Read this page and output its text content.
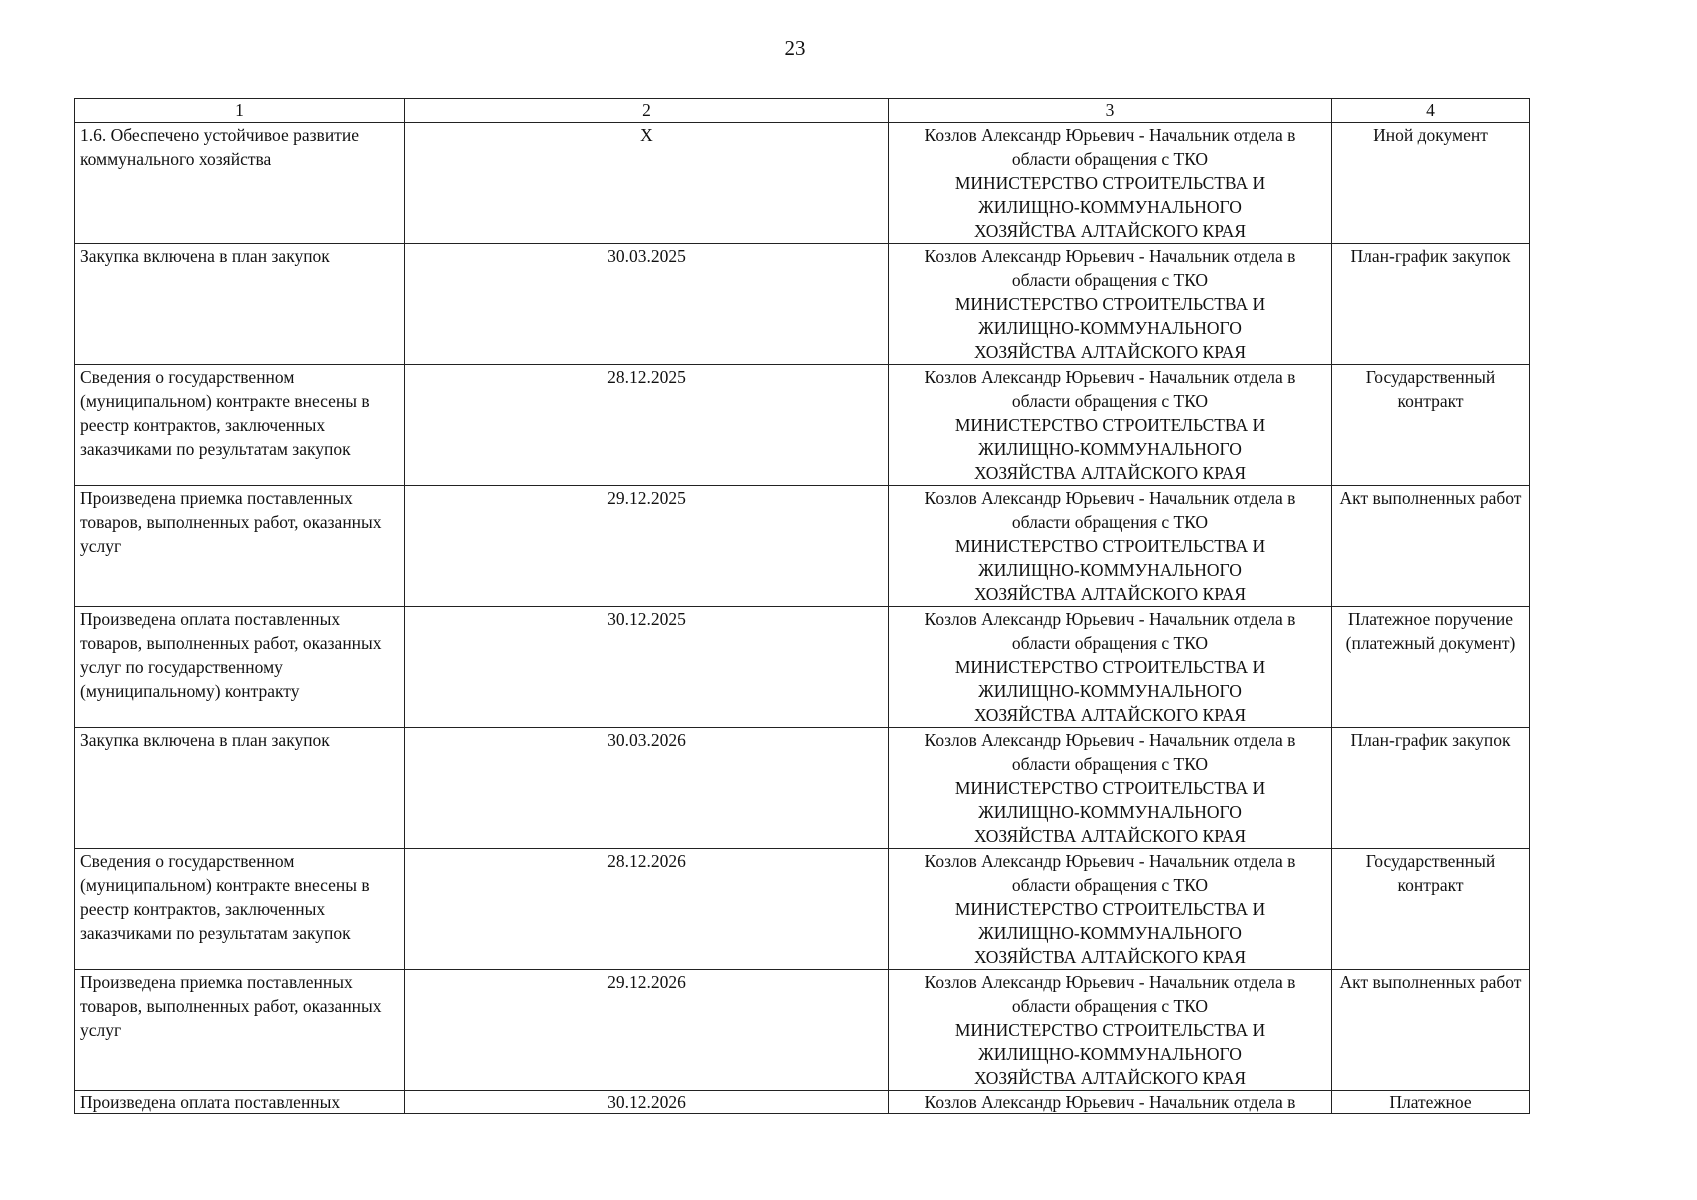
23
1	2	3	4
1.6. Обеспечено устойчивое развитие коммунального хозяйства	X	Козлов Александр Юрьевич - Начальник отдела в
области обращения с ТКО
МИНИСТЕРСТВО СТРОИТЕЛЬСТВА И
ЖИЛИЩНО-КОММУНАЛЬНОГО
ХОЗЯЙСТВА АЛТАЙСКОГО КРАЯ	Иной документ
Закупка включена в план закупок	30.03.2025	Козлов Александр Юрьевич - Начальник отдела в
области обращения с ТКО
МИНИСТЕРСТВО СТРОИТЕЛЬСТВА И
ЖИЛИЩНО-КОММУНАЛЬНОГО
ХОЗЯЙСТВА АЛТАЙСКОГО КРАЯ	План-график закупок
Сведения о государственном (муниципальном) контракте внесены в реестр контрактов, заключенных заказчиками по результатам закупок	28.12.2025	Козлов Александр Юрьевич - Начальник отдела в
области обращения с ТКО
МИНИСТЕРСТВО СТРОИТЕЛЬСТВА И
ЖИЛИЩНО-КОММУНАЛЬНОГО
ХОЗЯЙСТВА АЛТАЙСКОГО КРАЯ	Государственный контракт
Произведена приемка поставленных товаров, выполненных работ, оказанных услуг	29.12.2025	Козлов Александр Юрьевич - Начальник отдела в
области обращения с ТКО
МИНИСТЕРСТВО СТРОИТЕЛЬСТВА И
ЖИЛИЩНО-КОММУНАЛЬНОГО
ХОЗЯЙСТВА АЛТАЙСКОГО КРАЯ	Акт выполненных работ
Произведена оплата поставленных товаров, выполненных работ, оказанных услуг по государственному (муниципальному) контракту	30.12.2025	Козлов Александр Юрьевич - Начальник отдела в
области обращения с ТКО
МИНИСТЕРСТВО СТРОИТЕЛЬСТВА И
ЖИЛИЩНО-КОММУНАЛЬНОГО
ХОЗЯЙСТВА АЛТАЙСКОГО КРАЯ	Платежное поручение (платежный документ)
Закупка включена в план закупок	30.03.2026	Козлов Александр Юрьевич - Начальник отдела в
области обращения с ТКО
МИНИСТЕРСТВО СТРОИТЕЛЬСТВА И
ЖИЛИЩНО-КОММУНАЛЬНОГО
ХОЗЯЙСТВА АЛТАЙСКОГО КРАЯ	План-график закупок
Сведения о государственном (муниципальном) контракте внесены в реестр контрактов, заключенных заказчиками по результатам закупок	28.12.2026	Козлов Александр Юрьевич - Начальник отдела в
области обращения с ТКО
МИНИСТЕРСТВО СТРОИТЕЛЬСТВА И
ЖИЛИЩНО-КОММУНАЛЬНОГО
ХОЗЯЙСТВА АЛТАЙСКОГО КРАЯ	Государственный контракт
Произведена приемка поставленных товаров, выполненных работ, оказанных услуг	29.12.2026	Козлов Александр Юрьевич - Начальник отдела в
области обращения с ТКО
МИНИСТЕРСТВО СТРОИТЕЛЬСТВА И
ЖИЛИЩНО-КОММУНАЛЬНОГО
ХОЗЯЙСТВА АЛТАЙСКОГО КРАЯ	Акт выполненных работ
Произведена оплата поставленных	30.12.2026	Козлов Александр Юрьевич - Начальник отдела в	Платежное
